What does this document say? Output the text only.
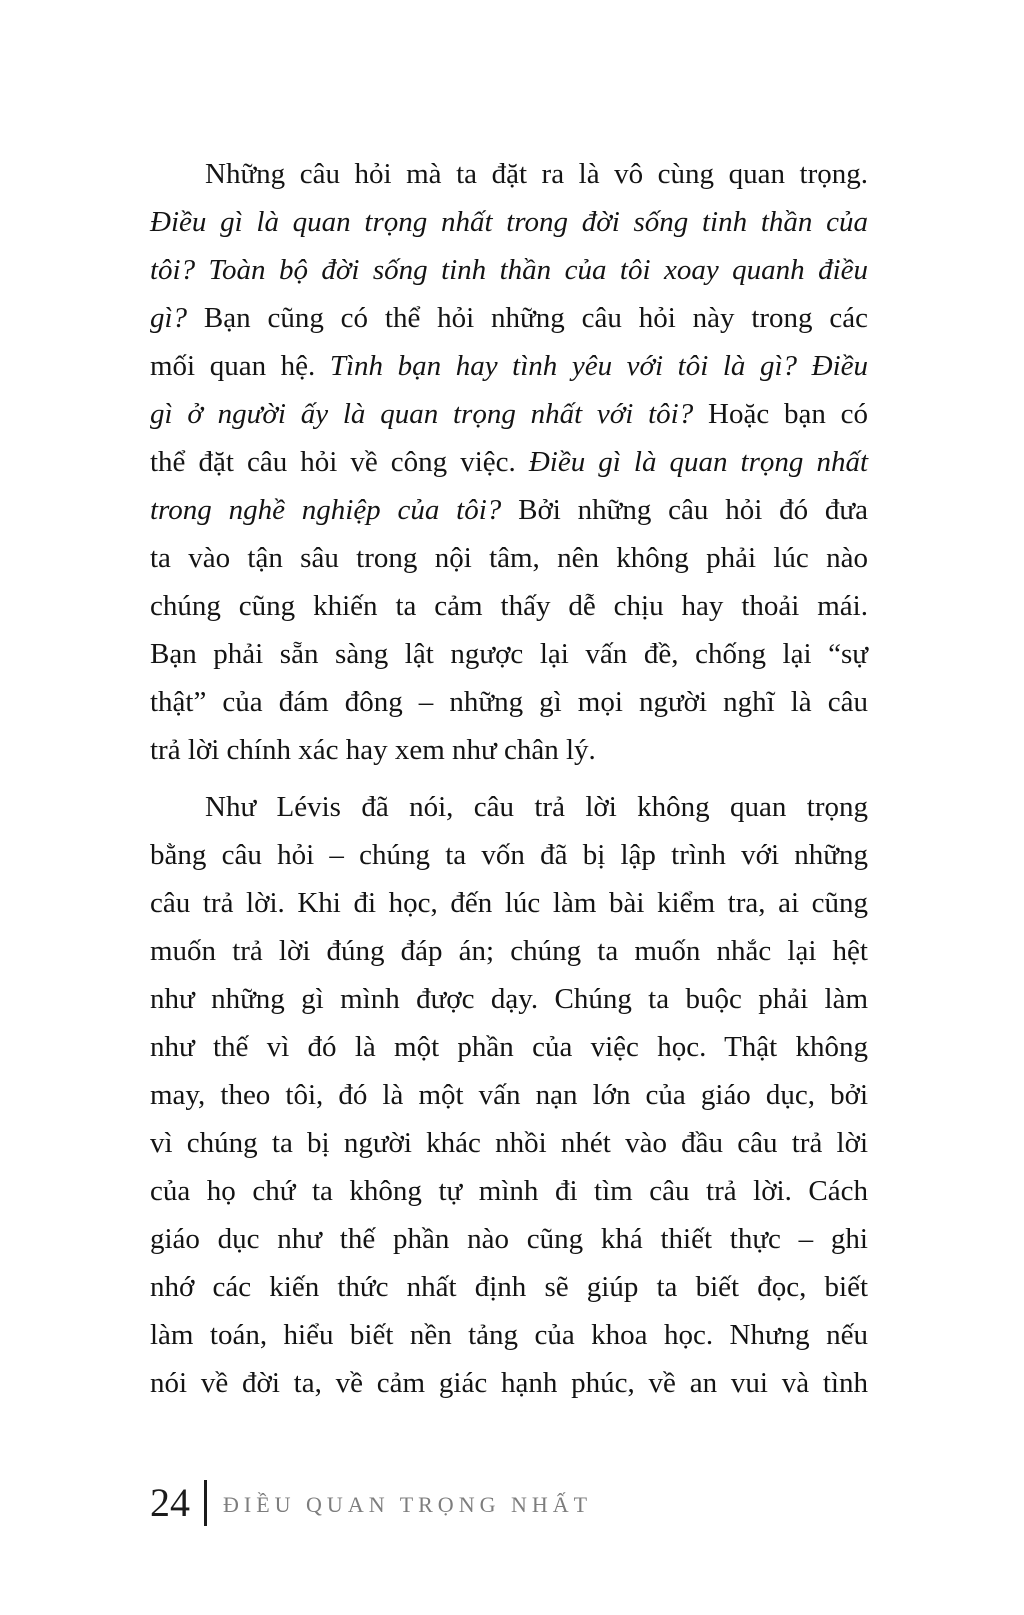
Những câu hỏi mà ta đặt ra là vô cùng quan trọng.
Điều gì là quan trọng nhất trong đời sống tinh thần của
tôi? Toàn bộ đời sống tinh thần của tôi xoay quanh điều
gì? Bạn cũng có thể hỏi những câu hỏi này trong các
mối quan hệ. Tình bạn hay tình yêu với tôi là gì? Điều
gì ở người ấy là quan trọng nhất với tôi? Hoặc bạn có
thể đặt câu hỏi về công việc. Điều gì là quan trọng nhất
trong nghề nghiệp của tôi? Bởi những câu hỏi đó đưa
ta vào tận sâu trong nội tâm, nên không phải lúc nào
chúng cũng khiến ta cảm thấy dễ chịu hay thoải mái.
Bạn phải sẵn sàng lật ngược lại vấn đề, chống lại “sự
thật” của đám đông – những gì mọi người nghĩ là câu
trả lời chính xác hay xem như chân lý.

Như Lévis đã nói, câu trả lời không quan trọng
bằng câu hỏi – chúng ta vốn đã bị lập trình với những
câu trả lời. Khi đi học, đến lúc làm bài kiểm tra, ai cũng
muốn trả lời đúng đáp án; chúng ta muốn nhắc lại hệt
như những gì mình được dạy. Chúng ta buộc phải làm
như thế vì đó là một phần của việc học. Thật không
may, theo tôi, đó là một vấn nạn lớn của giáo dục, bởi
vì chúng ta bị người khác nhồi nhét vào đầu câu trả lời
của họ chứ ta không tự mình đi tìm câu trả lời. Cách
giáo dục như thế phần nào cũng khá thiết thực – ghi
nhớ các kiến thức nhất định sẽ giúp ta biết đọc, biết
làm toán, hiểu biết nền tảng của khoa học. Nhưng nếu
nói về đời ta, về cảm giác hạnh phúc, về an vui và tình

24 ĐIỀU QUAN TRỌNG NHẤT
